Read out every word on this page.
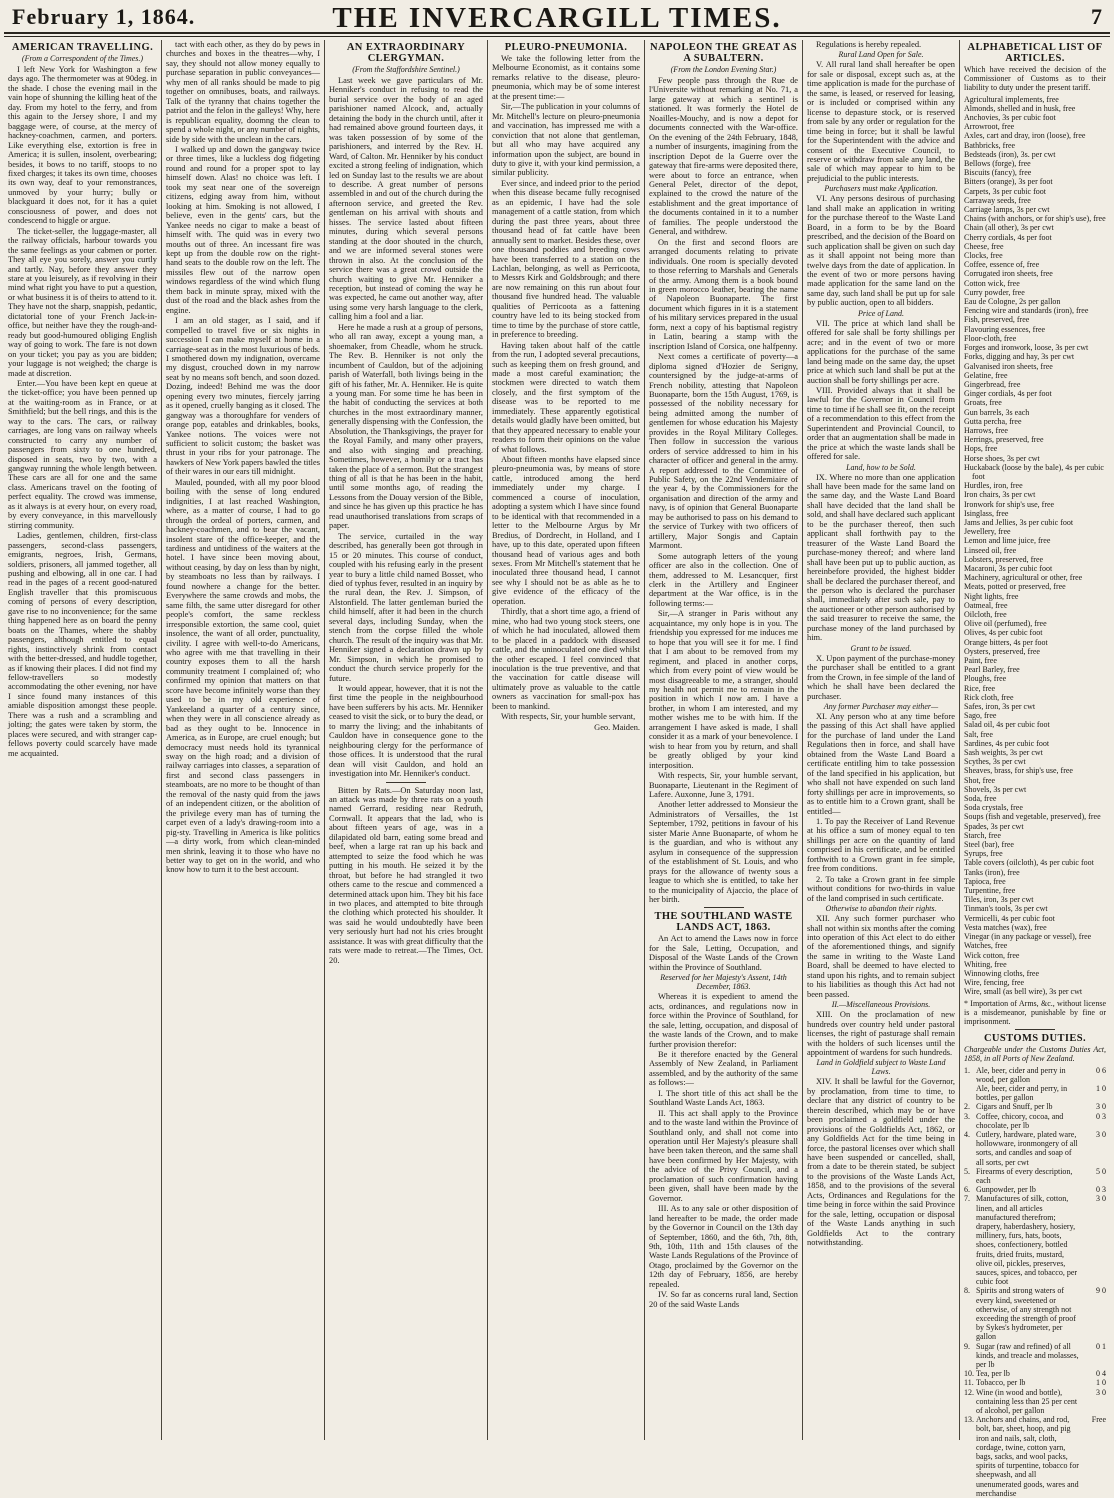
February 1, 1864.	THE INVERCARGILL TIMES.	7
AMERICAN TRAVELLING.
(From a Correspondent of the Times.)

I left New York for Washington a few days ago. The thermometer was at 90deg. in the shade. I chose the evening mail in the vain hope of shunning the killing heat of the day. From my hotel to the ferry, and from this again to the Jersey shore, I and my baggage were, of course, at the mercy of hackney-coachmen, carmen, and porters. Like everything else, extortion is free in America; it is sullen, insolent, overbearing; besides, it bows to no tariff, stoops to no fixed charges; it takes its own time, chooses its own way, deaf to your remonstrances, unmoved by your hurry; bully or blackguard it does not, for it has a quiet consciousness of power, and does not condescend to higgle or argue.

The ticket-seller, the luggage-master, all the railway officials, harbour towards you the same feelings as your cabmen or porter. They all eye you sorely, answer you curtly and tartly. Nay, before they answer they stare at you leisurely, as if revolving in their mind what right you have to put a question, or what business it is of theirs to attend to it. They have not the sharp, snappish, pedantic, dictatorial tone of your French Jack-in-office, but neither have they the rough-and-ready but good-humoured obliging English way of going to work. The fare is not down on your ticket; you pay as you are bidden; your luggage is not weighed; the charge is made at discretion.

Enter.—You have been kept en queue at the ticket-office; you have been penned up at the waiting-room as in France, or at Smithfield; but the bell rings, and this is the way to the cars. The cars, or railway carriages, are long vans on railway wheels constructed to carry any number of passengers from sixty to one hundred, disposed in seats, two by two, with a gangway running the whole length between. These cars are all for one and the same class. Americans travel on the footing of perfect equality. The crowd was immense, as it always is at every hour, on every road, by every conveyance, in this marvellously stirring community.

Ladies, gentlemen, children, first-class passengers, second-class passengers, emigrants, negroes, Irish, Germans, soldiers, prisoners, all jammed together, all pushing and elbowing, all in one car. I had read in the pages of a recent good-natured English traveller that this promiscuous coming of persons of every description, gave rise to no inconvenience; for the same thing happened here as on board the penny boats on the Thames, where the shabby passengers, although entitled to equal rights, instinctively shrink from contact with the better-dressed, and huddle together, as if knowing their places. I did not find my fellow-travellers so modestly accommodating the other evening, nor have I since found many instances of this amiable disposition amongst these people. There was a rush and a scrambling and jolting; the gates were taken by storm, the places were secured, and with stranger cap-fellows poverty could scarcely have made me acquainted.

tact with each other, as they do by pews in churches and boxes in the theatres—why, I say, they should not allow money equally to purchase separation in public conveyances—why men of all ranks should be made to pig together on omnibuses, boats, and railways. Talk of the tyranny that chains together the patriot and the felon in the galleys! Why, here is republican equality, doomng the clean to spend a whole night, or any number of nights, side by side with the unclean in the cars.

I walked up and down the gangway twice or three times, like a luckless dog fidgeting round and round for a proper spot to lay himself down. Alas! no choice was left. I took my seat near one of the sovereign citizens, edging away from him, without looking at him. Smoking is not allowed, I believe, even in the gents' cars, but the Yankee needs no cigar to make a beast of himself with. The quid was in every two mouths out of three. An incessant fire was kept up from the double row on the right-hand seats to the double row on the left. The missiles flew out of the narrow open windows regardless of the wind which flung them back in minute spray, mixed with the dust of the road and the black ashes from the engine.

I am an old stager, as I said, and if compelled to travel five or six nights in succession I can make myself at home in a carriage-seat as in the most luxurious of beds. I smothered down my indignation, overcame my disgust, crouched down in my narrow seat by no means soft bench, and soon dozed. Dozing, indeed! Behind me was the door opening every two minutes, fiercely jarring as it opened, cruelly banging as it closed. The gangway was a thoroughfare for venders of orange pop, eatables and drinkables, books, Yankee notions. The voices were not sufficient to solicit custom; the basket was thrust in your ribs for your patronage. The hawkers of New York papers bawled the titles of their wares in our ears till midnight.

Mauled, pounded, with all my poor blood boiling with the sense of long endured indignities, I at last reached Washington, where, as a matter of course, I had to go through the ordeal of porters, carmen, and hackney-coachmen, and to bear the vacant, insolent stare of the office-keeper, and the tardiness and untidiness of the waiters at the hotel. I have since been moving about, without ceasing, by day on less than by night, by steamboats no less than by railways. I found nowhere a change for the better. Everywhere the same crowds and mobs, the same filth, the same utter disregard for other people's comfort, the same reckless irresponsible extortion, the same cool, quiet insolence, the want of all order, punctuality, civility. I agree with well-to-do Americans, who agree with me that travelling in their country exposes them to all the harsh community treatment I complained of; who confirmed my opinion that matters on that score have become infinitely worse than they used to be in my old experience of Yankeeland a quarter of a century since, when they were in all conscience already as bad as they ought to be. Innocence in America, as in Europe, are cruel enough; but democracy must needs hold its tyrannical sway on the high road; and a division of railway carriages into classes, a separation of first and second class passengers in steamboats, are no more to be thought of than the removal of the nasty quid from the jaws of an independent citizen, or the abolition of the privilege every man has of turning the carpet even of a lady's drawing-room into a pig-sty. Travelling in America is like politics—a dirty work, from which clean-minded men shrink, leaving it to those who have no better way to get on in the world, and who know how to turn it to the best account.

AN EXTRAORDINARY CLERGYMAN.
(From the Staffordshire Sentinel.)

Last week we gave particulars of Mr. Henniker's conduct in refusing to read the burial service over the body of an aged parishioner named Alcock, and, actually detaining the body in the church until, after it had remained above ground fourteen days, it was taken possession of by some of the parishioners, and interred by the Rev. H. Ward, of Calton. Mr. Henniker by his conduct excited a strong feeling of indignation, which led on Sunday last to the results we are about to describe. A great number of persons assembled in and out of the church during the afternoon service, and greeted the Rev. gentleman on his arrival with shouts and hisses. The service lasted about fifteen minutes, during which several persons standing at the door shouted in the church, and we are informed several stones were thrown in also. At the conclusion of the service there was a great crowd outside the church waiting to give Mr. Henniker a reception, but instead of coming the way he was expected, he came out another way, after using some very harsh language to the clerk, calling him a fool and a liar.

Here he made a rush at a group of persons, who all ran away, except a young man, a shoemaker, from Cheadle, whom he struck. The Rev. B. Henniker is not only the incumbent of Cauldon, but of the adjoining parish of Waterfall, both livings being in the gift of his father, Mr. A. Henniker. He is quite a young man. For some time he has been in the habit of conducting the services at both churches in the most extraordinary manner, generally dispensing with the Confession, the Absolution, the Thanksgivings, the prayer for the Royal Family, and many other prayers, and also with singing and preaching. Sometimes, however, a homily or a tract has taken the place of a sermon. But the strangest thing of all is that he has been in the habit, until some months ago, of reading the Lessons from the Douay version of the Bible, and since he has given up this practice he has read unauthorised translations from scraps of paper.

The service, curtailed in the way described, has generally been got through in 15 or 20 minutes. This course of conduct, coupled with his refusing early in the present year to bury a little child named Bosset, who died of typhus fever, resulted in an inquiry by the rural dean, the Rev. J. Simpson, of Alstonfield. The latter gentleman buried the child himself, after it had been in the church several days, including Sunday, when the stench from the corpse filled the whole church. The result of the inquiry was that Mr. Henniker signed a declaration drawn up by Mr. Simpson, in which he promised to conduct the church service properly for the future.

It would appear, however, that it is not the first time the people in the neighbourhood have been sufferers by his acts. Mr. Henniker ceased to visit the sick, or to bury the dead, or to marry the living; and the inhabitants of Cauldon have in consequence gone to the neighbouring clergy for the performance of those offices. It is understood that the rural dean will visit Cauldon, and hold an investigation into Mr. Henniker's conduct.

Bitten by Rats.—On Saturday noon last, an attack was made by three rats on a youth named Gerrard, residing near Redruth, Cornwall. It appears that the lad, who is about fifteen years of age, was in a dilapidated old barn, eating some bread and beef, when a large rat ran up his back and attempted to seize the food which he was putting in his mouth. He seized it by the throat, but before he had strangled it two others came to the rescue and commenced a determined attack upon him. They bit his face in two places, and attempted to bite through the clothing which protected his shoulder. It was said he would undoubtedly have been very seriously hurt had not his cries brought assistance. It was with great difficulty that the rats were made to retreat.—The Times, Oct. 20.

PLEURO-PNEUMONIA.

We take the following letter from the Melbourne Economist, as it contains some remarks relative to the disease, pleuro-pneumonia, which may be of some interest at the present time:—

Sir,—The publication in your columns of Mr. Mitchell's lecture on pleuro-pneumonia and vaccination, has impressed me with a conviction that not alone that gentleman, but all who may have acquired any information upon the subject, are bound in duty to give it, with your kind permission, a similar publicity.

Ever since, and indeed prior to the period when this disease became fully recognised as an epidemic, I have had the sole management of a cattle station, from which during the past three years, about three thousand head of fat cattle have been annually sent to market. Besides these, over one thousand poddies and breeding cows have been transferred to a station on the Lachlan, belonging, as well as Perricoota, to Messrs Kirk and Goldsbrough; and there are now remaining on this run about four thousand five hundred head. The valuable qualities of Perricoota as a fattening country have led to its being stocked from time to time by the purchase of store cattle, in preference to breeding.

Having taken about half of the cattle from the run, I adopted several precautions, such as keeping them on fresh ground, and made a most careful examination; the stockmen were directed to watch them closely, and the first symptom of the disease was to be reported to me immediately. These apparently egotistical details would gladly have been omitted, but that they appeared necessary to enable your readers to form their opinions on the value of what follows.

About fifteen months have elapsed since pleuro-pneumonia was, by means of store cattle, introduced among the herd immediately under my charge. I commenced a course of inoculation, adopting a system which I have since found to be identical with that recommended in a letter to the Melbourne Argus by Mr Bredius, of Dordrecht, in Holland, and I have, up to this date, operated upon fifteen thousand head of various ages and both sexes. From Mr Mitchell's statement that he inoculated three thousand head, I cannot see why I should not be as able as he to give evidence of the efficacy of the operation.

Thirdly, that a short time ago, a friend of mine, who had two young stock steers, one of which he had inoculated, allowed them to be placed in a paddock with diseased cattle, and the uninoculated one died whilst the other escaped. I feel convinced that inoculation is the true preventive, and that the vaccination for cattle disease will ultimately prove as valuable to the cattle owners as vaccination for small-pox has been to mankind.

With respects, Sir, your humble servant,

Geo. Maiden.
NAPOLEON THE GREAT AS A SUBALTERN.
(From the London Evening Star.)

Few people pass through the Rue de l'Universite without remarking at No. 71, a large gateway at which a sentinel is stationed. It was formerly the Hotel de Noailles-Mouchy, and is now a depot for documents connected with the War-office. On the evening of the 24th February, 1848, a number of insurgents, imagining from the inscription Depot de la Guerre over the gateway that fire-arms were deposited there, were about to force an entrance, when General Pelet, director of the depot, explained to the crowd the nature of the establishment and the great importance of the documents contained in it to a number of families. The people understood the General, and withdrew.

On the first and second floors are arranged documents relating to private individuals. One room is specially devoted to those referring to Marshals and Generals of the army. Among them is a book bound in green morocco leather, bearing the name of Napoleon Buonaparte. The first document which figures in it is a statement of his military services prepared in the usual form, next a copy of his baptismal registry in Latin, bearing a stamp with the inscription Island of Corsica, one halfpenny.

Next comes a certificate of poverty—a diploma signed d'Hozier de Serigny, countersigned by the judge-at-arms of French nobility, attesting that Napoleon Buonaparte, born the 15th August, 1769, is possessed of the nobility necessary for being admitted among the number of gentlemen for whose education his Majesty provides in the Royal Military Colleges. Then follow in succession the various orders of service addressed to him in his character of officer and general in the army. A report addressed to the Committee of Public Safety, on the 22nd Vendemiaire of the year 4, by the Commissioners for the organisation and direction of the army and navy, is of opinion that General Buonaparte may be authorised to pass on his demand to the service of Turkey with two officers of artillery, Major Songis and Captain Marmont.

Some autograph letters of the young officer are also in the collection. One of them, addressed to M. Lesancquer, first clerk in the Artillery and Engineer department at the War office, is in the following terms:—

Sir,—A stranger in Paris without any acquaintance, my only hope is in you. The friendship you expressed for me induces me to hope that you will see it for me. I find that I am about to be removed from my regiment, and placed in another corps, which from every point of view would be most disagreeable to me, a stranger, should my health not permit me to remain in the position in which I now am. I have a brother, in whom I am interested, and my mother wishes me to be with him. If the arrangement I have asked is made, I shall consider it as a mark of your benevolence. I wish to hear from you by return, and shall be greatly obliged by your kind interposition.

With respects, Sir, your humble servant, Buonaparte, Lieutenant in the Regiment of Lafere. Auxonne, June 3, 1791.

Another letter addressed to Monsieur the Administrators of Versailles, the 1st September, 1792, petitions in favour of his sister Marie Anne Buonaparte, of whom he is the guardian, and who is without any asylum in consequence of the suppression of the establishment of St. Louis, and who prays for the allowance of twenty sous a league to which she is entitled, to take her to the municipality of Ajaccio, the place of her birth.

THE SOUTHLAND WASTE LANDS ACT, 1863.

An Act to amend the Laws now in force for the Sale, Letting, Occupation, and Disposal of the Waste Lands of the Crown within the Province of Southland.

Reserved for her Majesty's Assent, 14th December, 1863.

Whereas it is expedient to amend the acts, ordinances, and regulations now in force within the Province of Southland, for the sale, letting, occupation, and disposal of the waste lands of the Crown, and to make further provision therefor:

Be it therefore enacted by the General Assembly of New Zealand, in Parliament assembled, and by the authority of the same as follows:—

I. The short title of this act shall be the Southland Waste Lands Act, 1863.

II. This act shall apply to the Province and to the waste land within the Province of Southland only, and shall not come into operation until Her Majesty's pleasure shall have been taken thereon, and the same shall have been confirmed by Her Majesty, with the advice of the Privy Council, and a proclamation of such confirmation having been given, shall have been made by the Governor.

III. As to any sale or other disposition of land hereafter to be made, the order made by the Governor in Council on the 13th day of September, 1860, and the 6th, 7th, 8th, 9th, 10th, 11th and 15th clauses of the Waste Lands Regulations of the Province of Otago, proclaimed by the Governor on the 12th day of February, 1856, are hereby repealed.

IV. So far as concerns rural land, Section 20 of the said Waste Lands

Regulations is hereby repealed.

Rural Land Open for Sale.

V. All rural land shall hereafter be open for sale or disposal, except such as, at the time application is made for the purchase of the same, is leased, or reserved for leasing, or is included or comprised within any license to depasture stock, or is reserved from sale by any order or regulation for the time being in force; but it shall be lawful for the Superintendent with the advice and consent of the Executive Council, to reserve or withdraw from sale any land, the sale of which may appear to him to be prejudicial to the public interests.

Purchasers must make Application.

VI. Any persons desirous of purchasing land shall make an application in writing for the purchase thereof to the Waste Land Board, in a form to be by the Board prescribed, and the decision of the Board on such application shall be given on such day as it shall appoint not being more than twelve days from the date of application. In the event of two or more persons having made application for the same land on the same day, such land shall be put up for sale by public auction, open to all bidders.

Price of Land.

VII. The price at which land shall be offered for sale shall be forty shillings per acre; and in the event of two or more applications for the purchase of the same land being made on the same day, the upset price at which such land shall be put at the auction shall be forty shillings per acre.

VIII. Provided always that it shall be lawful for the Governor in Council from time to time if he shall see fit, on the receipt of a recommendation to this effect from the Superintendent and Provincial Council, to order that an augmentation shall be made in the price at which the waste lands shall be offered for sale.

Land, how to be Sold.

IX. Where no more than one application shall have been made for the same land on the same day, and the Waste Land Board shall have decided that the land shall be sold, and shall have declared such applicant to be the purchaser thereof, then such applicant shall forthwith pay to the treasurer of the Waste Land Board the purchase-money thereof; and where land shall have been put up to public auction, as hereinbefore provided, the highest bidder shall be declared the purchaser thereof, and the person who is declared the purchaser shall, immediately after such sale, pay to the auctioneer or other person authorised by the said treasurer to receive the same, the purchase money of the land purchased by him.

Grant to be issued.

X. Upon payment of the purchase-money the purchaser shall be entitled to a grant from the Crown, in fee simple of the land of which he shall have been declared the purchaser.

Any former Purchaser may either—

XI. Any person who at any time before the passing of this Act shall have applied for the purchase of land under the Land Regulations then in force, and shall have obtained from the Waste Land Board a certificate entitling him to take possession of the land specified in his application, but who shall not have expended on such land forty shillings per acre in improvements, so as to entitle him to a Crown grant, shall be entitled—

1. To pay the Receiver of Land Revenue at his office a sum of money equal to ten shillings per acre on the quantity of land comprised in his certificate, and be entitled forthwith to a Crown grant in fee simple, free from conditions.

2. To take a Crown grant in fee simple without conditions for two-thirds in value of the land comprised in such certificate.

Otherwise to abandon their rights.

XII. Any such former purchaser who shall not within six months after the coming into operation of this Act elect to do either of the aforementioned things, and signify the same in writing to the Waste Land Board, shall be deemed to have elected to stand upon his rights, and to remain subject to his liabilities as though this Act had not been passed.

II.—Miscellaneous Provisions.

XIII. On the proclamation of new hundreds over country held under pastoral licenses, the right of pasturage shall remain with the holders of such licenses until the appointment of wardens for such hundreds.

Land in Goldfield subject to Waste Land Laws.

XIV. It shall be lawful for the Governor, by proclamation, from time to time, to declare that any district of country to be therein described, which may be or have been proclaimed a goldfield under the provisions of the Goldfields Act, 1862, or any Goldfields Act for the time being in force, the pastoral licenses over which shall have been suspended or cancelled, shall, from a date to be therein stated, be subject to the provisions of the Waste Lands Act, 1858, and to the provisions of the several Acts, Ordinances and Regulations for the time being in force within the said Province for the sale, letting, occupation or disposal of the Waste Lands anything in such Goldfields Act to the contrary notwithstanding.

ALPHABETICAL LIST OF ARTICLES.
Which have received the decision of the Commissioner of Customs as to their liability to duty under the present tariff.
Agricultural implements, free
Almonds, shelled and in husk, free
Anchovies, 3s per cubic foot
Arrowroot, free
Axles, cart and dray, iron (loose), free
Bathbricks, free
Bedsteads (iron), 3s. per cwt
Bellows (forge), free
Biscuits (fancy), free
Bitters (orange), 3s per foot
Carpets, 3s per cubic foot
Carraway seeds, free
Carriage lamps, 3s per cwt
Chains (with anchors, or for ship's use), free
Chain (all other), 3s per cwt
Cherry cordials, 4s per foot
Cheese, free
Clocks, free
Coffee, essence of, free
Corrugated iron sheets, free
Cotton wick, free
Curry powder, free
Eau de Cologne, 2s per gallon
Fencing wire and standards (iron), free
Fish, preserved, free
Flavouring essences, free
Floor-cloth, free
Forges and ironwork, loose, 3s per cwt
Forks, digging and hay, 3s per cwt
Galvanised iron sheets, free
Gelatine, free
Gingerbread, free
Ginger cordials, 4s per foot
Groats, free
Gun barrels, 3s each
Gutta percha, free
Harrows, free
Herrings, preserved, free
Hops, free
Horse shoes, 3s per cwt
Huckaback (loose by the bale), 4s per cubic foot
Hurdles, iron, free
Iron chairs, 3s per cwt
Ironwork for ship's use, free
Isinglass, free
Jams and Jellies, 3s per cubic foot
Jewellery, free
Lemon and lime juice, free
Linseed oil, free
Lobsters, preserved, free
Macaroni, 3s per cubic foot
Machinery, agricultural or other, free
Meats, potted or preserved, free
Night lights, free
Oatmeal, free
Oilcloth, free
Olive oil (perfumed), free
Olives, 4s per cubic foot
Orange bitters, 4s per foot
Oysters, preserved, free
Paint, free
Pearl Barley, free
Ploughs, free
Rice, free
Rick cloth, free
Safes, iron, 3s per cwt
Sago, free
Salad oil, 4s per cubic foot
Salt, free
Sardines, 4s per cubic foot
Sash weights, 3s per cwt
Scythes, 3s per cwt
Sheaves, brass, for ship's use, free
Shot, free
Shovels, 3s per cwt
Soda, free
Soda crystals, free
Soups (fish and vegetable, preserved), free
Spades, 3s per cwt
Starch, free
Steel (bar), free
Syrups, free
Table covers (oilcloth), 4s per cubic foot
Tanks (iron), free
Tapioca, free
Turpentine, free
Tiles, iron, 3s per cwt
Tinman's tools, 3s per cwt
Vermicelli, 4s per cubic foot
Vesta matches (wax), free
Vinegar (in any package or vessel), free
Watches, free
Wick cotton, free
Whiting, free
Winnowing cloths, free
Wire, fencing, free
Wire, small (as bell wire), 3s per cwt
* Importation of Arms, &c., without license is a misdemeanor, punishable by fine or imprisonment.
CUSTOMS DUTIES.
Chargeable under the Customs Duties Act, 1858, in all Ports of New Zealand.
1. Ale, beer, cider and perry in wood, per gallon
0 6
Ale, beer, cider and perry, in bottles, per gallon
1 0
2. Cigars and Snuff, per lb	3 0
3. Coffee, chicory, cocoa, and chocolate, per lb
0 3
4. Cutlery, hardware, plated ware, hollowware, ironmongery of all sorts, and candles and soap of all sorts, per cwt
3 0
5. Firearms of every description, each
5 0
6. Gunpowder, per lb	0 3
7. Manufactures of silk, cotton, linen, and all articles manufactured therefrom; drapery, haberdashery, hosiery, millinery, furs, hats, boots, shoes, confectionery, bottled fruits, dried fruits, mustard, olive oil, pickles, preserves, sauces, spices, and tobacco, per cubic foot
3 0
8. Spirits and strong waters of every kind, sweetened or otherwise, of any strength not exceeding the strength of proof by Sykes's hydrometer, per gallon
9 0
9. Sugar (raw and refined) of all kinds, and treacle and molasses, per lb
0 1
10. Tea, per lb	0 4
11. Tobacco, per lb	1 0
12. Wine (in wood and bottle), containing less than 25 per cent of alcohol, per gallon
3 0
13. Anchors and chains, and rod, bolt, bar, sheet, hoop, and pig iron and nails, salt, cloth, cordage, twine, cotton yarn, bags, sacks, and wool packs, spirits of turpentine, tobacco for sheepwash, and all unenumerated goods, wares and merchandise
Free
